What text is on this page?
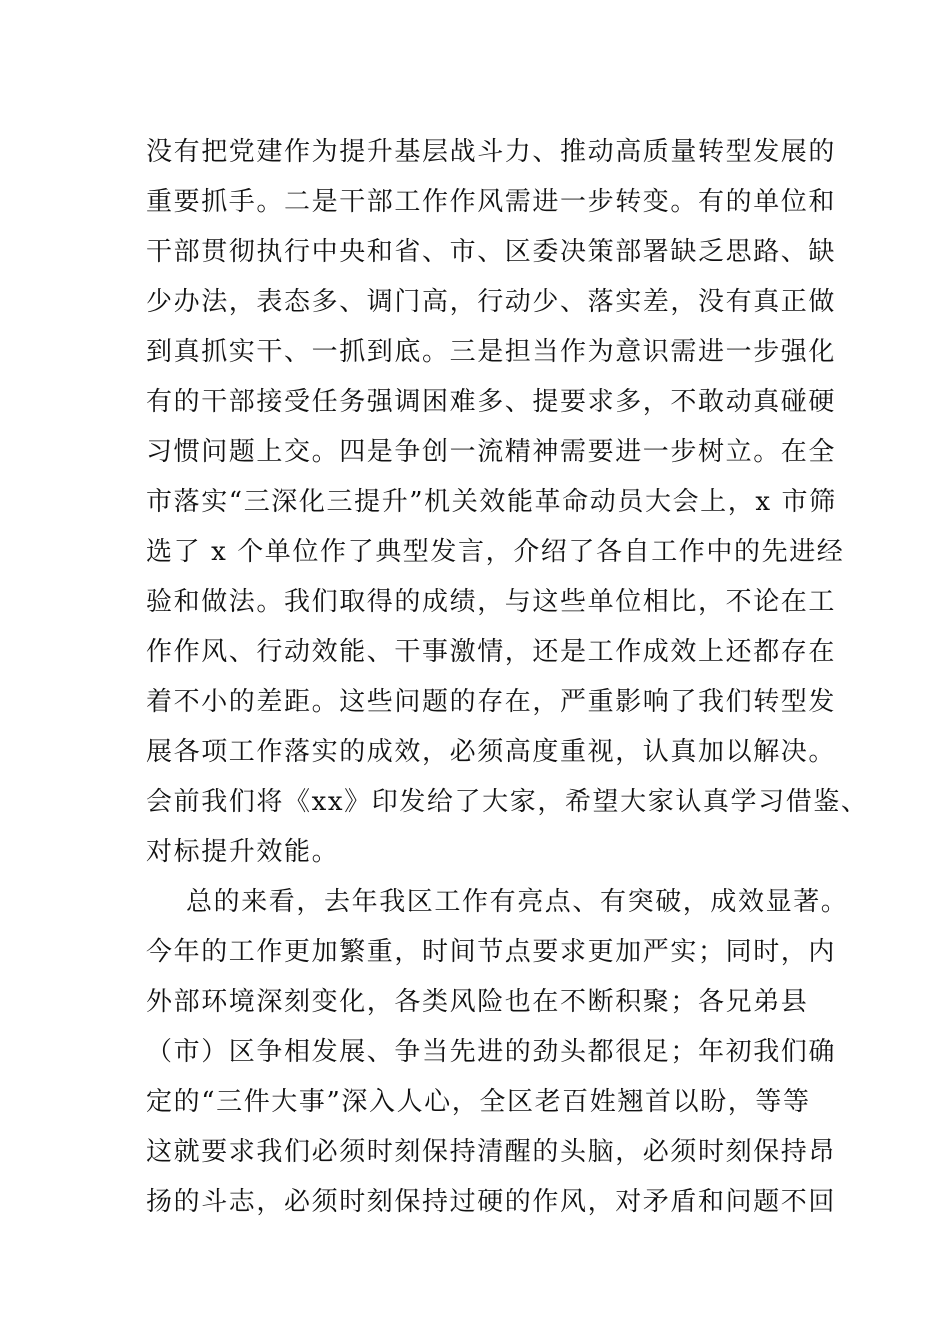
没有把党建作为提升基层战斗力、推动高质量转型发展的
重要抓手。二是干部工作作风需进一步转变。有的单位和
干部贯彻执行中央和省、市、区委决策部署缺乏思路、缺
少办法，表态多、调门高，行动少、落实差，没有真正做
到真抓实干、一抓到底。三是担当作为意识需进一步强化
有的干部接受任务强调困难多、提要求多，不敢动真碰硬
习惯问题上交。四是争创一流精神需要进一步树立。在全
市落实“三深化三提升”机关效能革命动员大会上，x 市筛
选了 x 个单位作了典型发言，介绍了各自工作中的先进经
验和做法。我们取得的成绩，与这些单位相比，不论在工
作作风、行动效能、干事激情，还是工作成效上还都存在
着不小的差距。这些问题的存在，严重影响了我们转型发
展各项工作落实的成效，必须高度重视，认真加以解决。
会前我们将《xx》印发给了大家，希望大家认真学习借鉴、
对标提升效能。
总的来看，去年我区工作有亮点、有突破，成效显著。
今年的工作更加繁重，时间节点要求更加严实；同时，内
外部环境深刻变化，各类风险也在不断积聚；各兄弟县
（市）区争相发展、争当先进的劲头都很足；年初我们确
定的“三件大事”深入人心，全区老百姓翘首以盼，等等
这就要求我们必须时刻保持清醒的头脑，必须时刻保持昂
扬的斗志，必须时刻保持过硬的作风，对矛盾和问题不回
